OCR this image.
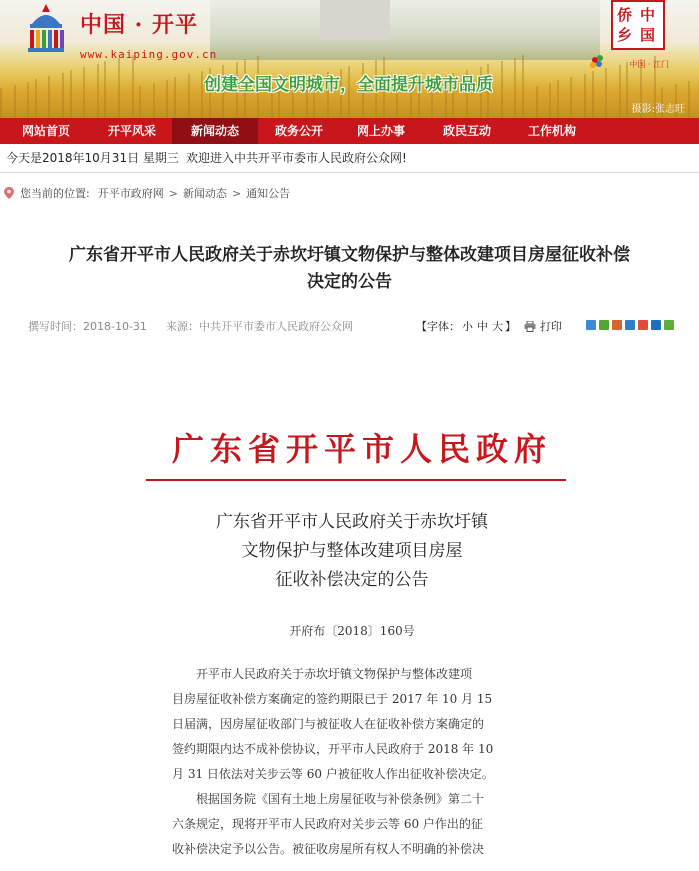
中国 · 开平
www.kaiping.gov.cn
创建全国文明城市，全面提升城市品质
侨 中
乡 国
中国 · 江门
摄影:张志旺
网站首页	开平风采	新闻动态	政务公开	网上办事	政民互动	工作机构
今天是2018年10月31日 星期三 欢迎进入中共开平市委市人民政府公众网!
您当前的位置: 开平市政府网 > 新闻动态 > 通知公告
广东省开平市人民政府关于赤坎圩镇文物保护与整体改建项目房屋征收补偿
决定的公告
撰写时间：2018-10-31 来源：中共开平市委市人民政府公众网	【字体： 小 中 大 】 打印
广东省开平市人民政府
广东省开平市人民政府关于赤坎圩镇
文物保护与整体改建项目房屋
征收补偿决定的公告
开府布〔2018〕160号

开平市人民政府关于赤坎圩镇文物保护与整体改建项

目房屋征收补偿方案确定的签约期限已于 2017 年 10 月 15

日届满，因房屋征收部门与被征收人在征收补偿方案确定的

签约期限内达不成补偿协议，开平市人民政府于 2018 年 10

月 31 日依法对关步云等 60 户被征收人作出征收补偿决定。

根据国务院《国有土地上房屋征收与补偿条例》第二十

六条规定，现将开平市人民政府对关步云等 60 户作出的征

收补偿决定予以公告。被征收房屋所有权人不明确的补偿决
